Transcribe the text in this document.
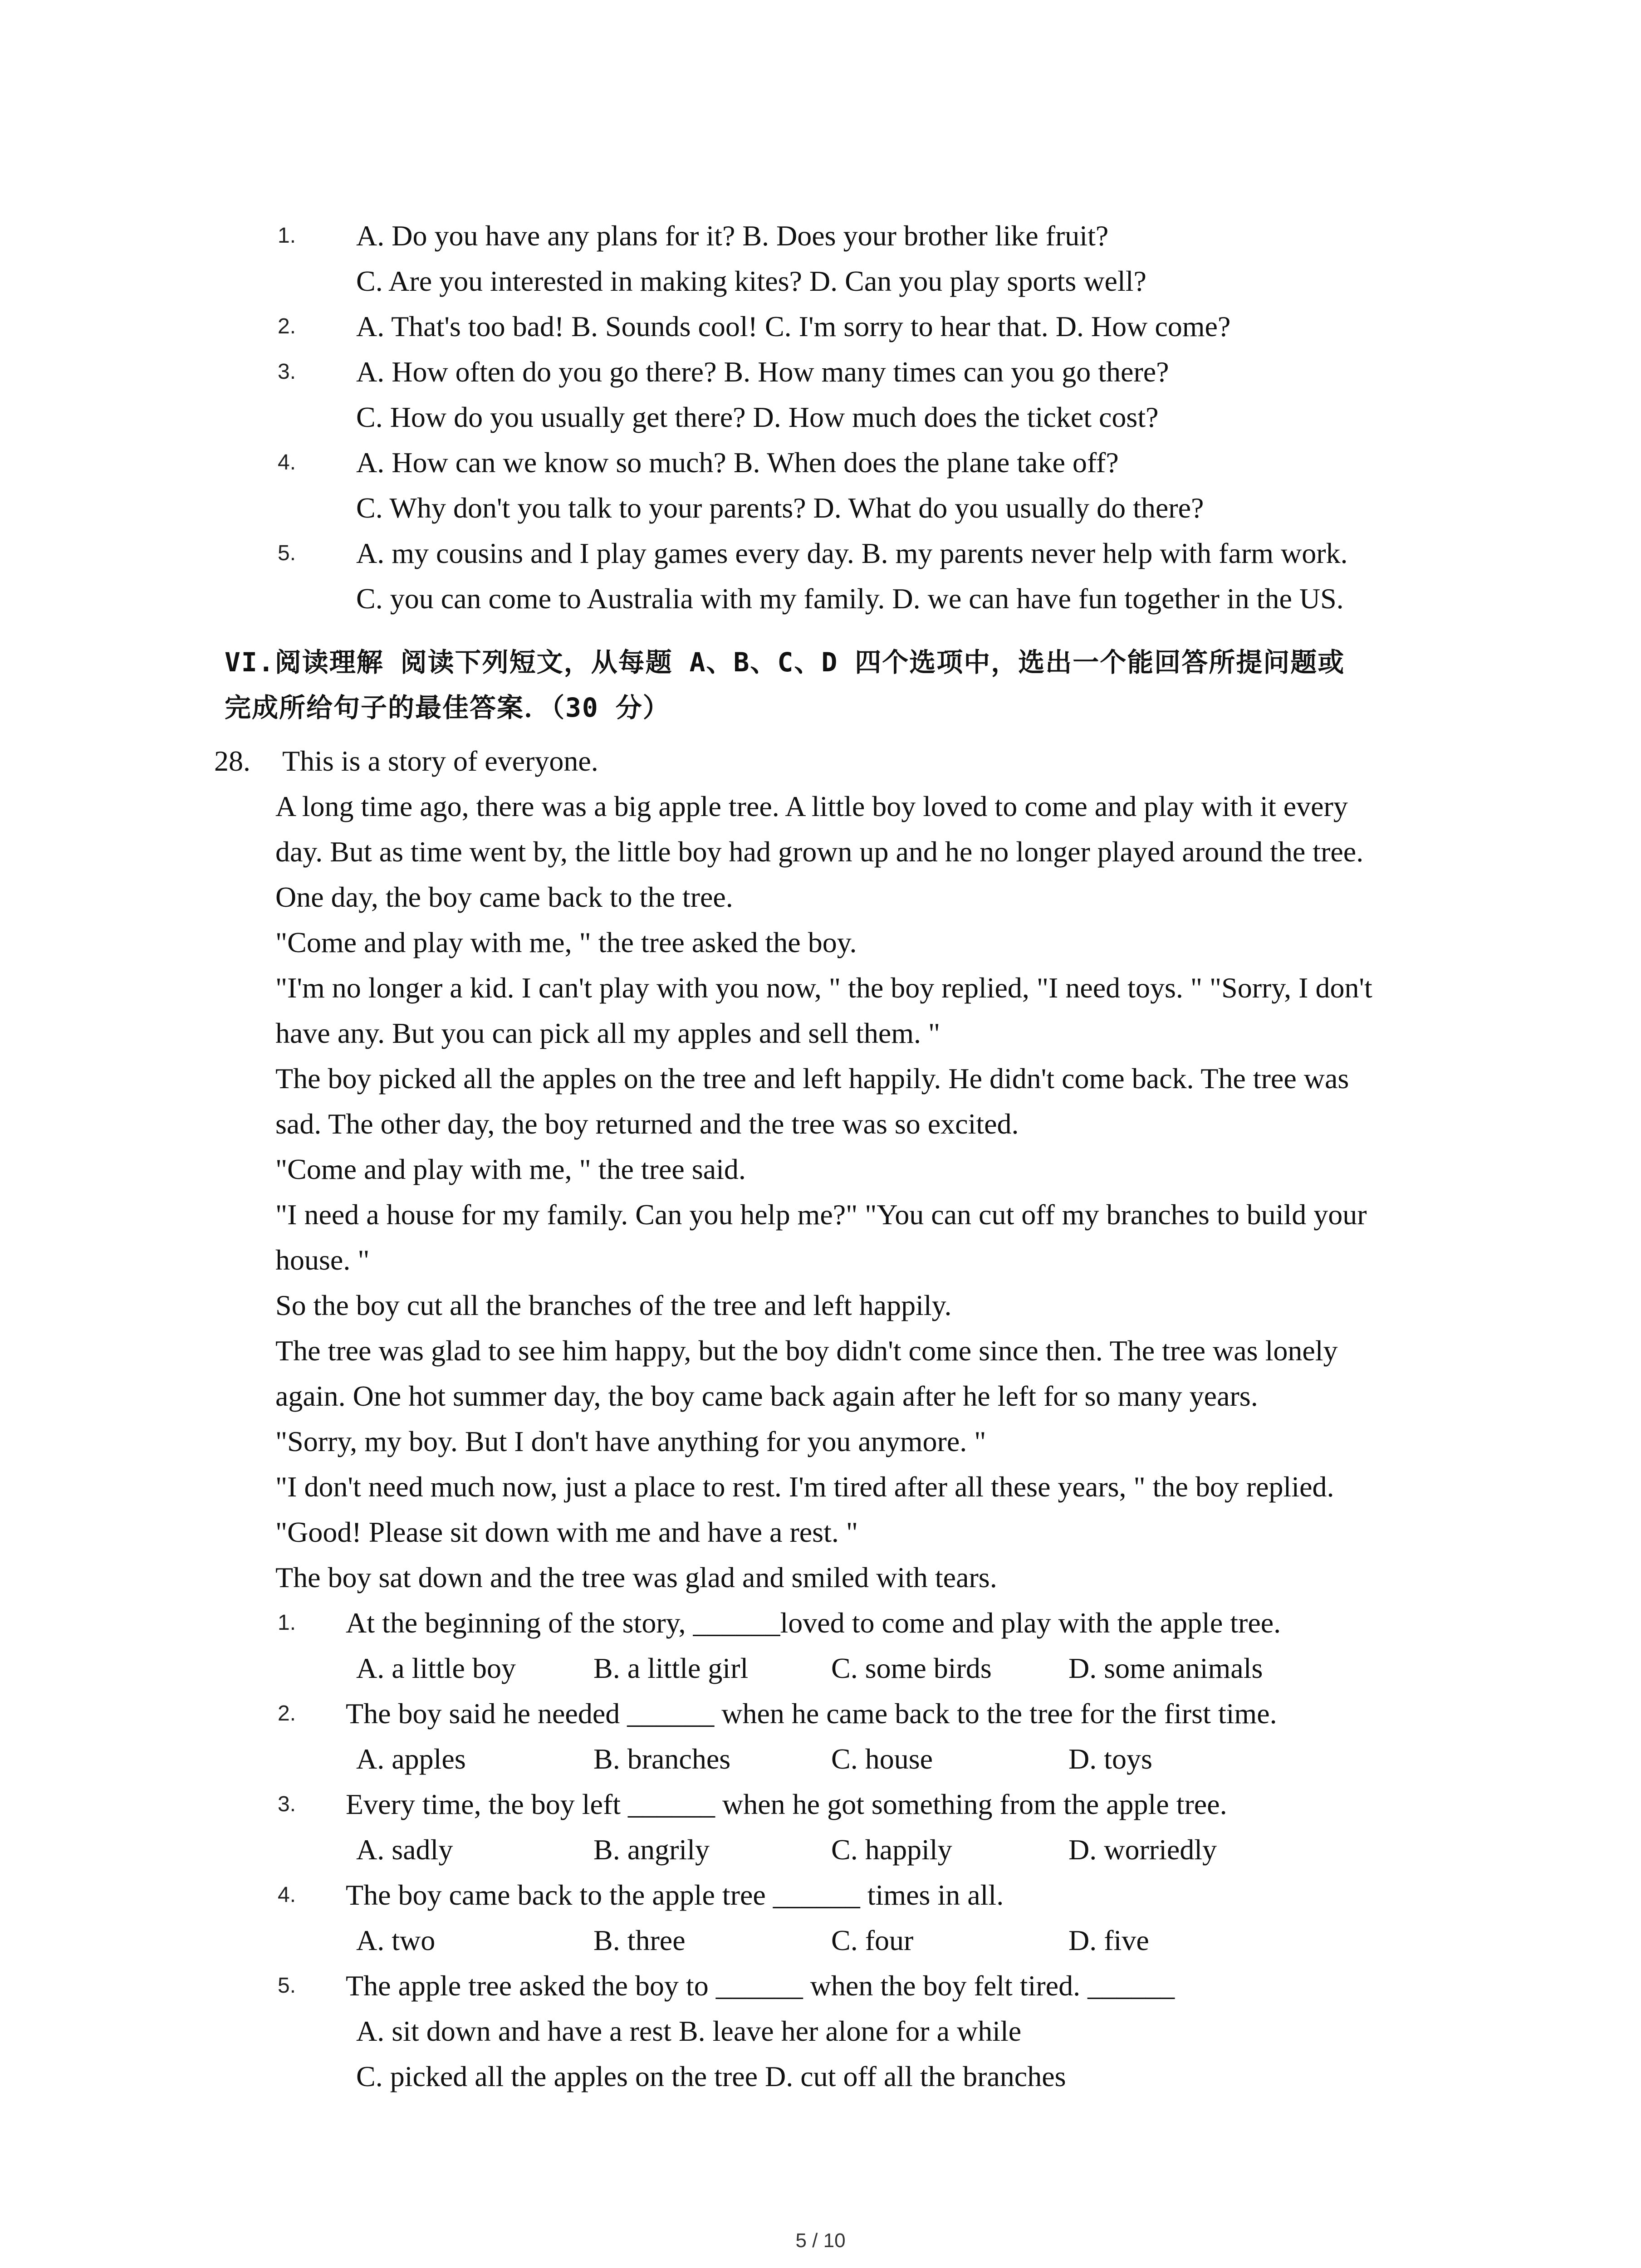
1. A. Do you have any plans for it? B. Does your brother like fruit?
C. Are you interested in making kites? D. Can you play sports well?
2. A. That's too bad! B. Sounds cool! C. I'm sorry to hear that. D. How come?
3. A. How often do you go there? B. How many times can you go there?
C. How do you usually get there? D. How much does the ticket cost?
4. A. How can we know so much? B. When does the plane take off?
C. Why don't you talk to your parents? D. What do you usually do there?
5. A. my cousins and I play games every day. B. my parents never help with farm work.
C. you can come to Australia with my family. D. we can have fun together in the US.
VI.阅读理解 阅读下列短文，从每题 A、B、C、D 四个选项中，选出一个能回答所提问题或
完成所给句子的最佳答案．（30 分）
28. This is a story of everyone.
A long time ago, there was a big apple tree. A little boy loved to come and play with it every
day. But as time went by, the little boy had grown up and he no longer played around the tree.
One day, the boy came back to the tree.
"Come and play with me, " the tree asked the boy.
"I'm no longer a kid. I can't play with you now, " the boy replied, "I need toys. " "Sorry, I don't
have any. But you can pick all my apples and sell them. "
The boy picked all the apples on the tree and left happily. He didn't come back. The tree was
sad. The other day, the boy returned and the tree was so excited.
"Come and play with me, " the tree said.
"I need a house for my family. Can you help me?" "You can cut off my branches to build your
house. "
So the boy cut all the branches of the tree and left happily.
The tree was glad to see him happy, but the boy didn't come since then. The tree was lonely
again. One hot summer day, the boy came back again after he left for so many years.
"Sorry, my boy. But I don't have anything for you anymore. "
"I don't need much now, just a place to rest. I'm tired after all these years, " the boy replied.
"Good! Please sit down with me and have a rest. "
The boy sat down and the tree was glad and smiled with tears.
1. At the beginning of the story, ______loved to come and play with the apple tree.
A. a little boy	B. a little girl	C. some birds	D. some animals
2. The boy said he needed ______ when he came back to the tree for the first time.
A. apples	B. branches	C. house	D. toys
3. Every time, the boy left ______ when he got something from the apple tree.
A. sadly	B. angrily	C. happily	D. worriedly
4. The boy came back to the apple tree ______ times in all.
A. two	B. three	C. four	D. five
5. The apple tree asked the boy to ______ when the boy felt tired. ______
A. sit down and have a rest B. leave her alone for a while
C. picked all the apples on the tree D. cut off all the branches
5 / 10
